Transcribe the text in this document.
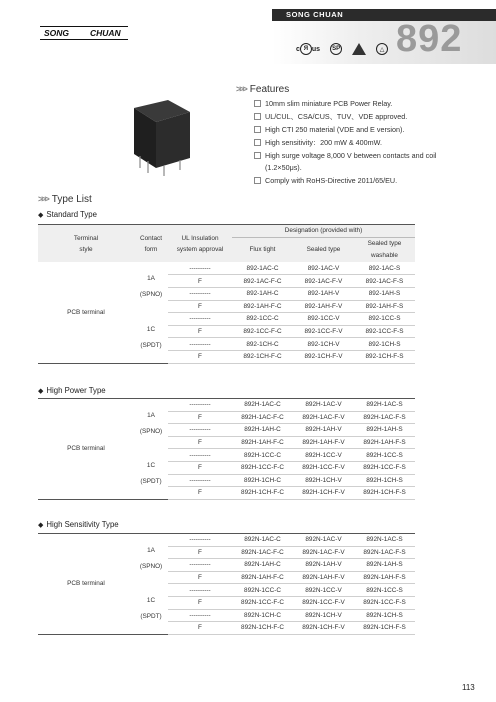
SONG CHUAN
892
SONG CHUAN
c Я us	SP	△
>>> Features
10mm slim miniature PCB Power Relay.
UL/CUL、CSA/CUS、TUV、VDE approved.
High CTI 250 material (VDE and E version).
High sensitivity：200 mW & 400mW.
High surge voltage 8,000 V between contacts and coil
(1.2×50μs).
Comply with RoHS-Directive 2011/65/EU.
>>> Type List
◆ Standard Type
Terminal
style	Contact
form	UL Insulation
system approval	Designation (provided with)		
			Flux tight	Sealed type	Sealed type
					washable
PCB terminal	1A
(SPNO)	----------	892-1AC-C	892-1AC-V	892-1AC-S
		F	892-1AC-F-C	892-1AC-F-V	892-1AC-F-S
		----------	892-1AH-C	892-1AH-V	892-1AH-S
		F	892-1AH-F-C	892-1AH-F-V	892-1AH-F-S
	1C
(SPDT)	----------	892-1CC-C	892-1CC-V	892-1CC-S
		F	892-1CC-F-C	892-1CC-F-V	892-1CC-F-S
		----------	892-1CH-C	892-1CH-V	892-1CH-S
		F	892-1CH-F-C	892-1CH-F-V	892-1CH-F-S
◆ High Power Type
PCB terminal	1A
(SPNO)	----------	892H-1AC-C	892H-1AC-V	892H-1AC-S
		F	892H-1AC-F-C	892H-1AC-F-V	892H-1AC-F-S
		----------	892H-1AH-C	892H-1AH-V	892H-1AH-S
		F	892H-1AH-F-C	892H-1AH-F-V	892H-1AH-F-S
	1C
(SPDT)	----------	892H-1CC-C	892H-1CC-V	892H-1CC-S
		F	892H-1CC-F-C	892H-1CC-F-V	892H-1CC-F-S
		----------	892H-1CH-C	892H-1CH-V	892H-1CH-S
		F	892H-1CH-F-C	892H-1CH-F-V	892H-1CH-F-S
◆ High Sensitivity Type
PCB terminal	1A
(SPNO)	----------	892N-1AC-C	892N-1AC-V	892N-1AC-S
		F	892N-1AC-F-C	892N-1AC-F-V	892N-1AC-F-S
		----------	892N-1AH-C	892N-1AH-V	892N-1AH-S
		F	892N-1AH-F-C	892N-1AH-F-V	892N-1AH-F-S
	1C
(SPDT)	----------	892N-1CC-C	892N-1CC-V	892N-1CC-S
		F	892N-1CC-F-C	892N-1CC-F-V	892N-1CC-F-S
		----------	892N-1CH-C	892N-1CH-V	892N-1CH-S
		F	892N-1CH-F-C	892N-1CH-F-V	892N-1CH-F-S
113
